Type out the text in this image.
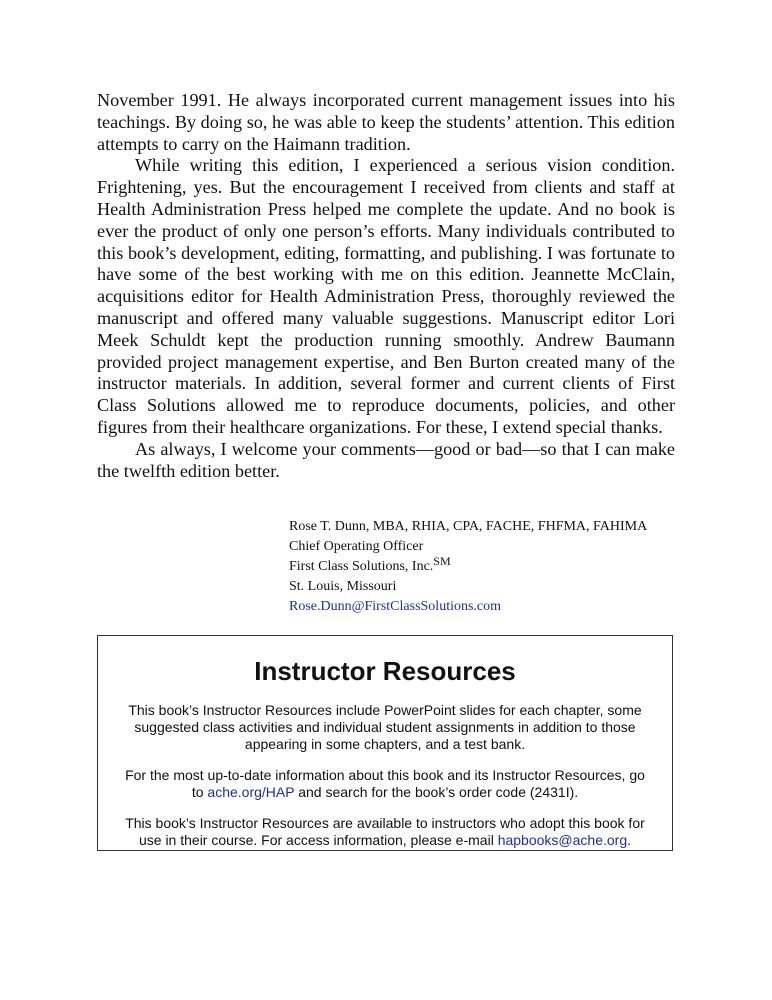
November 1991. He always incorporated current management issues into his teachings. By doing so, he was able to keep the students’ attention. This edition attempts to carry on the Haimann tradition.

While writing this edition, I experienced a serious vision condition. Frightening, yes. But the encouragement I received from clients and staff at Health Administration Press helped me complete the update. And no book is ever the product of only one person’s efforts. Many individuals contributed to this book’s development, editing, formatting, and publishing. I was fortunate to have some of the best working with me on this edition. Jeannette McClain, acquisitions editor for Health Administration Press, thoroughly reviewed the manuscript and offered many valuable suggestions. Manuscript editor Lori Meek Schuldt kept the production running smoothly. Andrew Baumann provided project management expertise, and Ben Burton created many of the instructor materials. In addition, several former and current clients of First Class Solutions allowed me to reproduce documents, policies, and other figures from their healthcare organizations. For these, I extend special thanks.

As always, I welcome your comments—good or bad—so that I can make the twelfth edition better.

Rose T. Dunn, MBA, RHIA, CPA, FACHE, FHFMA, FAHIMA
Chief Operating Officer
First Class Solutions, Inc.℠
St. Louis, Missouri
Rose.Dunn@FirstClassSolutions.com
Instructor Resources
This book’s Instructor Resources include PowerPoint slides for each chapter, some suggested class activities and individual student assignments in addition to those appearing in some chapters, and a test bank.
For the most up-to-date information about this book and its Instructor Resources, go to ache.org/HAP and search for the book’s order code (2431I).
This book’s Instructor Resources are available to instructors who adopt this book for use in their course. For access information, please e-mail hapbooks@ache.org.
